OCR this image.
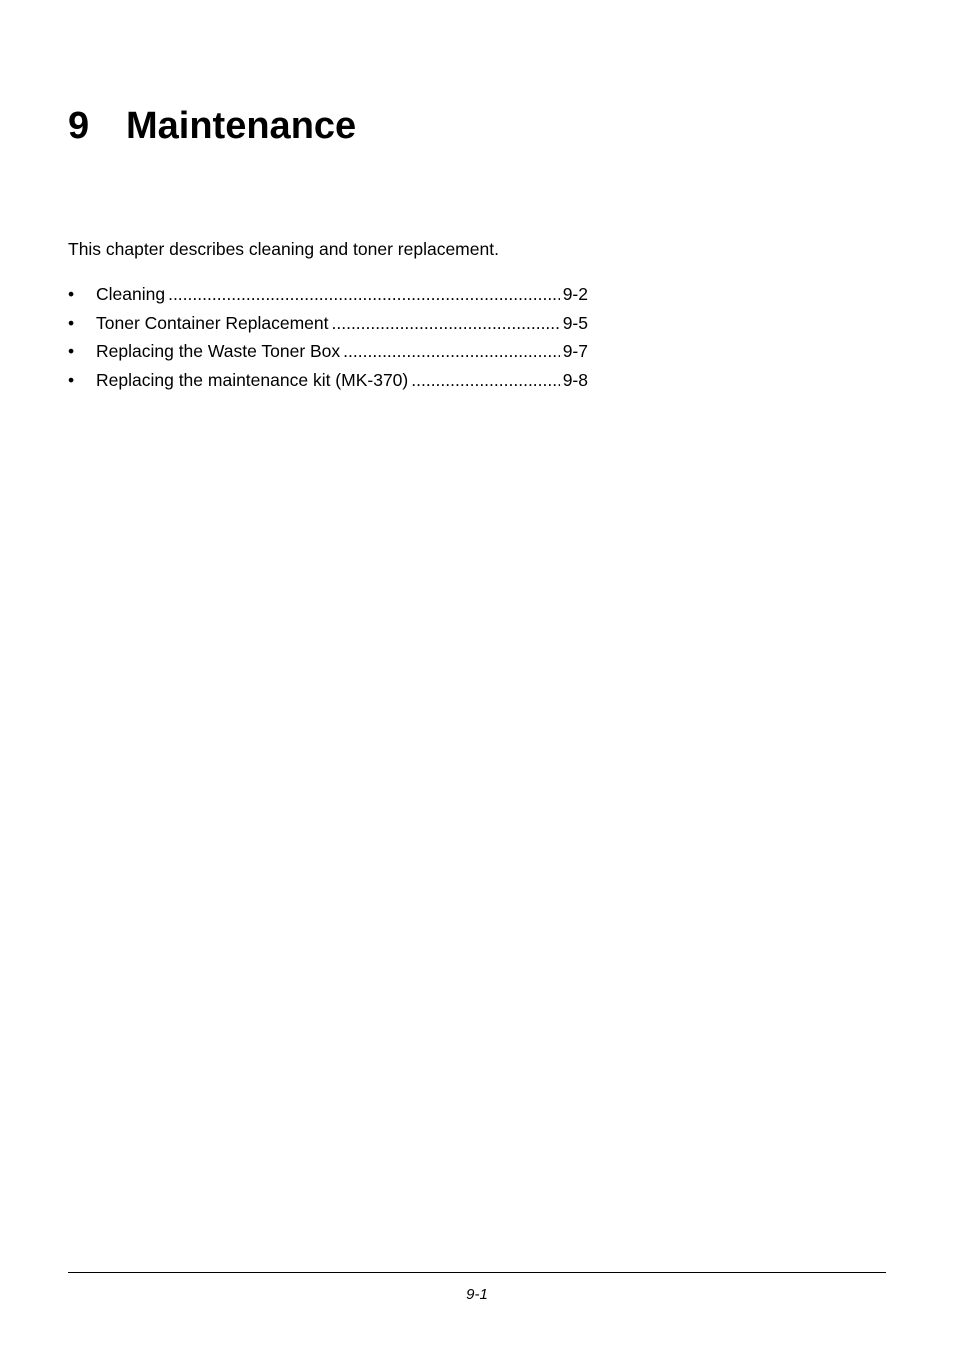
9 Maintenance

This chapter describes cleaning and toner replacement.

•	Cleaning .....	9-2
•	Toner Container Replacement .....	9-5
•	Replacing the Waste Toner Box .....	9-7
•	Replacing the maintenance kit (MK-370) .....	9-8
9-1
